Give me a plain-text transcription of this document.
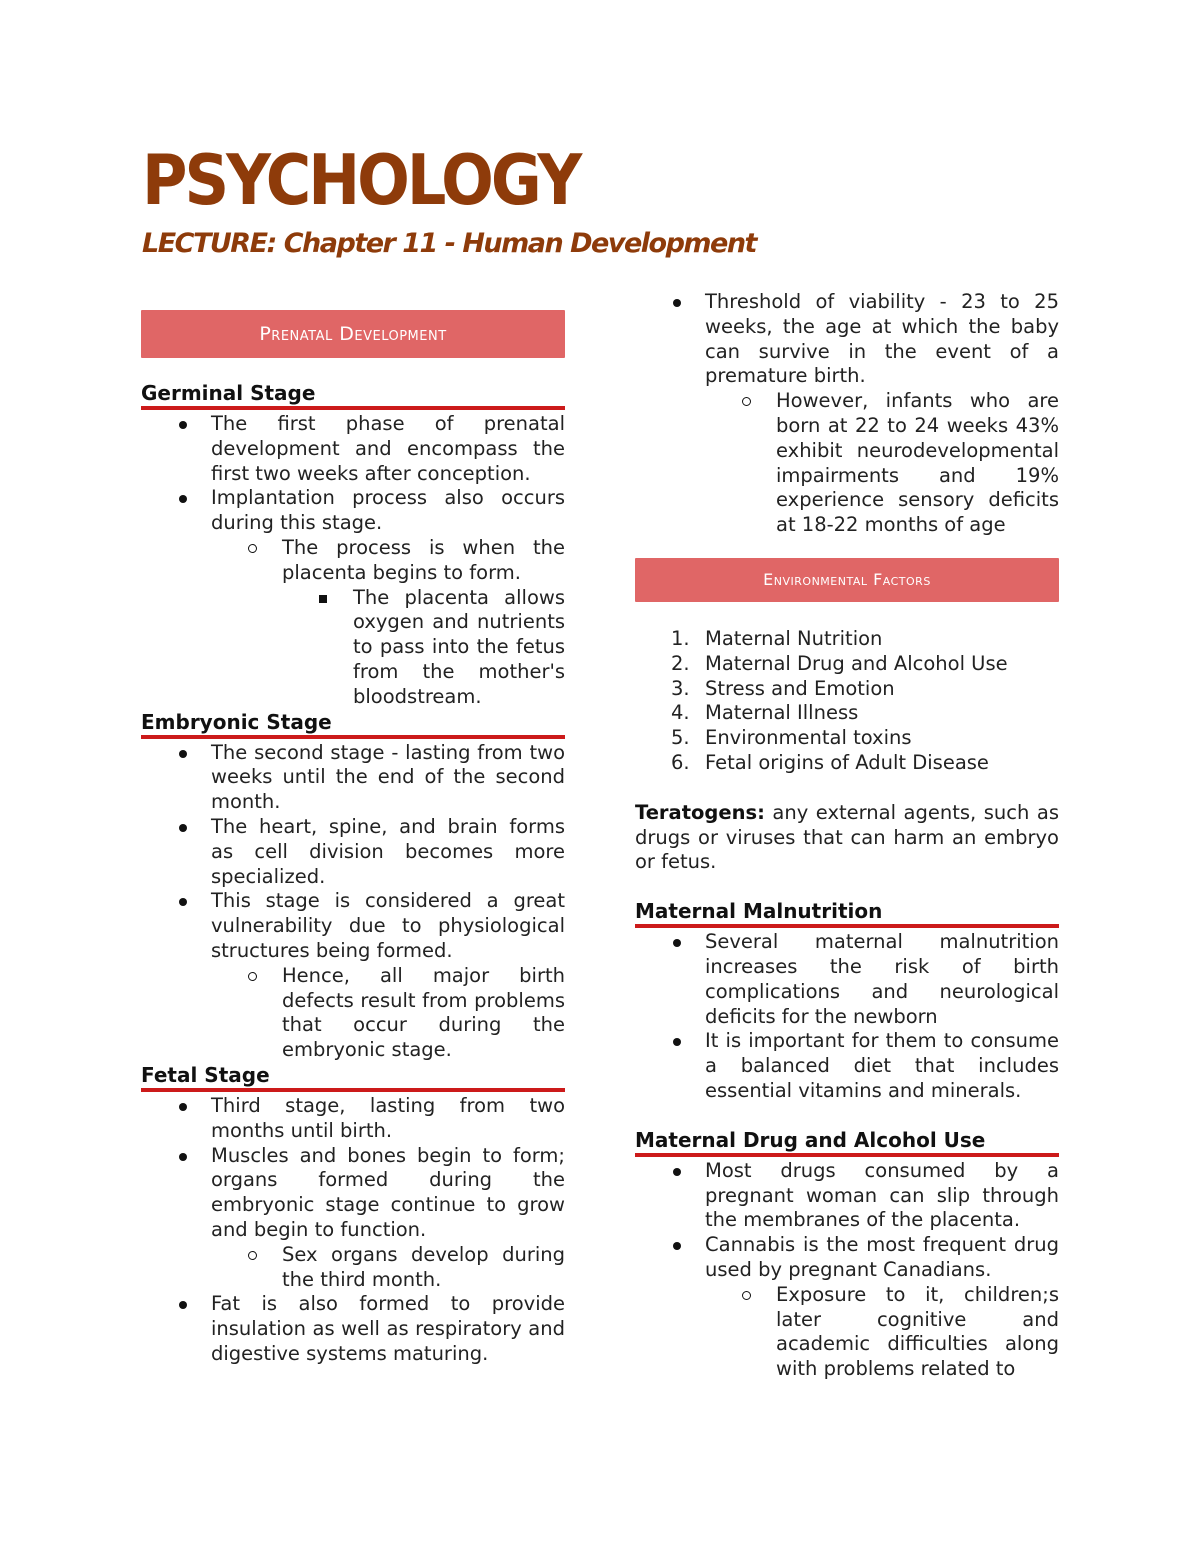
PSYCHOLOGY
LECTURE: Chapter 11 - Human Development
Prenatal Development
Germinal Stage
The first phase of prenatal development and encompass the first two weeks after conception.
Implantation process also occurs during this stage.
The process is when the placenta begins to form.
The placenta allows oxygen and nutrients to pass into the fetus from the mother's bloodstream.
Embryonic Stage
The second stage - lasting from two weeks until the end of the second month.
The heart, spine, and brain forms as cell division becomes more specialized.
This stage is considered a great vulnerability due to physiological structures being formed.
Hence, all major birth defects result from problems that occur during the embryonic stage.
Fetal Stage
Third stage, lasting from two months until birth.
Muscles and bones begin to form; organs formed during the embryonic stage continue to grow and begin to function.
Sex organs develop during the third month.
Fat is also formed to provide insulation as well as respiratory and digestive systems maturing.
Threshold of viability - 23 to 25 weeks, the age at which the baby can survive in the event of a premature birth.
However, infants who are born at 22 to 24 weeks 43% exhibit neurodevelopmental impairments and 19% experience sensory deficits at 18-22 months of age
Environmental Factors
1. Maternal Nutrition
2. Maternal Drug and Alcohol Use
3. Stress and Emotion
4. Maternal Illness
5. Environmental toxins
6. Fetal origins of Adult Disease
Teratogens: any external agents, such as drugs or viruses that can harm an embryo or fetus.
Maternal Malnutrition
Several maternal malnutrition increases the risk of birth complications and neurological deficits for the newborn
It is important for them to consume a balanced diet that includes essential vitamins and minerals.
Maternal Drug and Alcohol Use
Most drugs consumed by a pregnant woman can slip through the membranes of the placenta.
Cannabis is the most frequent drug used by pregnant Canadians.
Exposure to it, children;s later cognitive and academic difficulties along with problems related to
